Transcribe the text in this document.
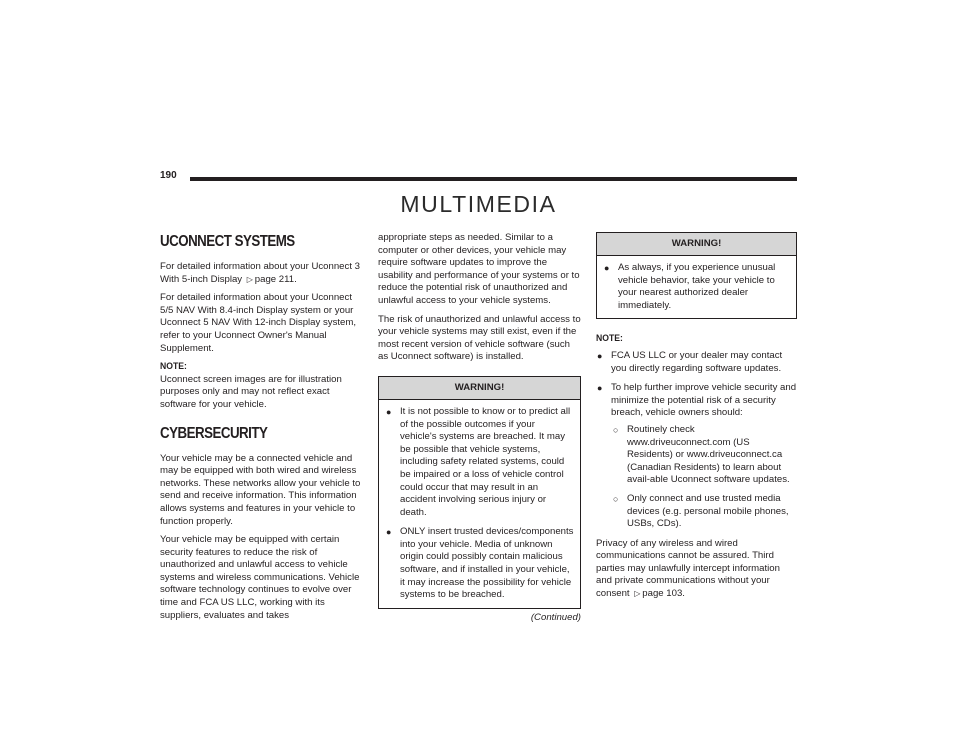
190
MULTIMEDIA
UCONNECT SYSTEMS

For detailed information about your Uconnect 3 With 5-inch Display ▷ page 211.

For detailed information about your Uconnect 5/5 NAV With 8.4-inch Display system or your Uconnect 5 NAV With 12-inch Display system, refer to your Uconnect Owner's Manual Supplement.

NOTE:

Uconnect screen images are for illustration purposes only and may not reflect exact software for your vehicle.

CYBERSECURITY

Your vehicle may be a connected vehicle and may be equipped with both wired and wireless networks. These networks allow your vehicle to send and receive information. This information allows systems and features in your vehicle to function properly.

Your vehicle may be equipped with certain security features to reduce the risk of unauthorized and unlawful access to vehicle systems and wireless communications. Vehicle software technology continues to evolve over time and FCA US LLC, working with its suppliers, evaluates and takes

appropriate steps as needed. Similar to a computer or other devices, your vehicle may require software updates to improve the usability and performance of your systems or to reduce the potential risk of unauthorized and unlawful access to your vehicle systems.

The risk of unauthorized and unlawful access to your vehicle systems may still exist, even if the most recent version of vehicle software (such as Uconnect software) is installed.

WARNING!
● It is not possible to know or to predict all of the possible outcomes if your vehicle's systems are breached. It may be possible that vehicle systems, including safety related systems, could be impaired or a loss of vehicle control could occur that may result in an accident involving serious injury or death.
● ONLY insert trusted devices/components into your vehicle. Media of unknown origin could possibly contain malicious software, and if installed in your vehicle, it may increase the possibility for vehicle systems to be breached.
(Continued)
WARNING!
● As always, if you experience unusual vehicle behavior, take your vehicle to your nearest authorized dealer immediately.
NOTE:
● FCA US LLC or your dealer may contact you directly regarding software updates.
● To help further improve vehicle security and minimize the potential risk of a security breach, vehicle owners should:
○ Routinely check www.driveuconnect.com (US Residents) or www.driveuconnect.ca (Canadian Residents) to learn about avail-able Uconnect software updates.
○ Only connect and use trusted media devices (e.g. personal mobile phones, USBs, CDs).

Privacy of any wireless and wired communications cannot be assured. Third parties may unlawfully intercept information and private communications without your consent ▷ page 103.
